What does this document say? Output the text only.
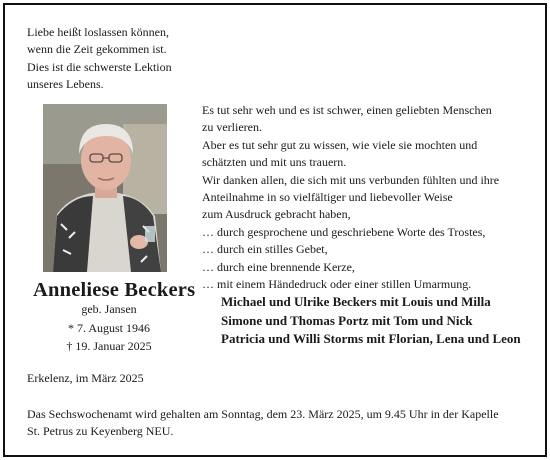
Liebe heißt loslassen können,
wenn die Zeit gekommen ist.
Dies ist die schwerste Lektion
unseres Lebens.
Anneliese Beckers
geb. Jansen
* 7. August 1946
† 19. Januar 2025
Es tut sehr weh und es ist schwer, einen geliebten Menschen
zu verlieren.
Aber es tut sehr gut zu wissen, wie viele sie mochten und
schätzten und mit uns trauern.
Wir danken allen, die sich mit uns verbunden fühlten und ihre
Anteilnahme in so vielfältiger und liebevoller Weise
zum Ausdruck gebracht haben,
… durch gesprochene und geschriebene Worte des Trostes,
… durch ein stilles Gebet,
… durch eine brennende Kerze,
… mit einem Händedruck oder einer stillen Umarmung.
Michael und Ulrike Beckers mit Louis und Milla
Simone und Thomas Portz mit Tom und Nick
Patricia und Willi Storms mit Florian, Lena und Leon
Erkelenz, im März 2025
Das Sechswochenamt wird gehalten am Sonntag, dem 23. März 2025, um 9.45 Uhr in der Kapelle
St. Petrus zu Keyenberg NEU.
